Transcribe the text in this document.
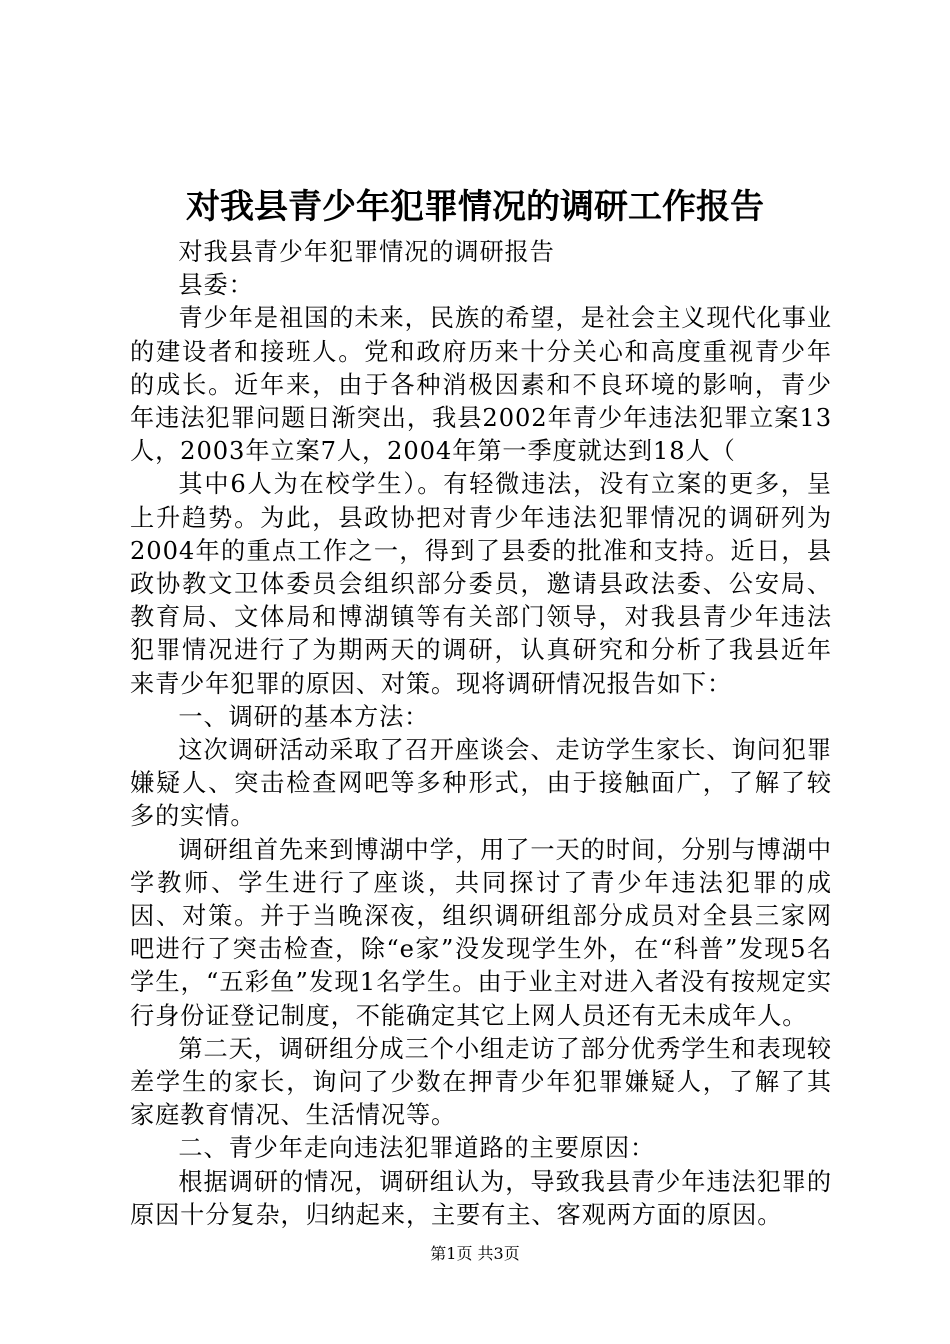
对我县青少年犯罪情况的调研工作报告

对我县青少年犯罪情况的调研报告

县委：

青少年是祖国的未来，民族的希望，是社会主义现代化事业的建设者和接班人。党和政府历来十分关心和高度重视青少年的成长。近年来，由于各种消极因素和不良环境的影响，青少年违法犯罪问题日渐突出，我县2002年青少年违法犯罪立案13人，2003年立案7人，2004年第一季度就达到18人（

其中6人为在校学生）。有轻微违法，没有立案的更多，呈上升趋势。为此，县政协把对青少年违法犯罪情况的调研列为2004年的重点工作之一，得到了县委的批准和支持。近日，县政协教文卫体委员会组织部分委员，邀请县政法委、公安局、教育局、文体局和博湖镇等有关部门领导，对我县青少年违法犯罪情况进行了为期两天的调研，认真研究和分析了我县近年来青少年犯罪的原因、对策。现将调研情况报告如下：

一、调研的基本方法：

这次调研活动采取了召开座谈会、走访学生家长、询问犯罪嫌疑人、突击检查网吧等多种形式，由于接触面广，了解了较多的实情。

调研组首先来到博湖中学，用了一天的时间，分别与博湖中学教师、学生进行了座谈，共同探讨了青少年违法犯罪的成因、对策。并于当晚深夜，组织调研组部分成员对全县三家网吧进行了突击检查，除“e家”没发现学生外，在“科普”发现5名学生，“五彩鱼”发现1名学生。由于业主对进入者没有按规定实行身份证登记制度，不能确定其它上网人员还有无未成年人。

第二天，调研组分成三个小组走访了部分优秀学生和表现较差学生的家长，询问了少数在押青少年犯罪嫌疑人，了解了其家庭教育情况、生活情况等。

二、青少年走向违法犯罪道路的主要原因：

根据调研的情况，调研组认为，导致我县青少年违法犯罪的原因十分复杂，归纳起来，主要有主、客观两方面的原因。

第1页 共3页
